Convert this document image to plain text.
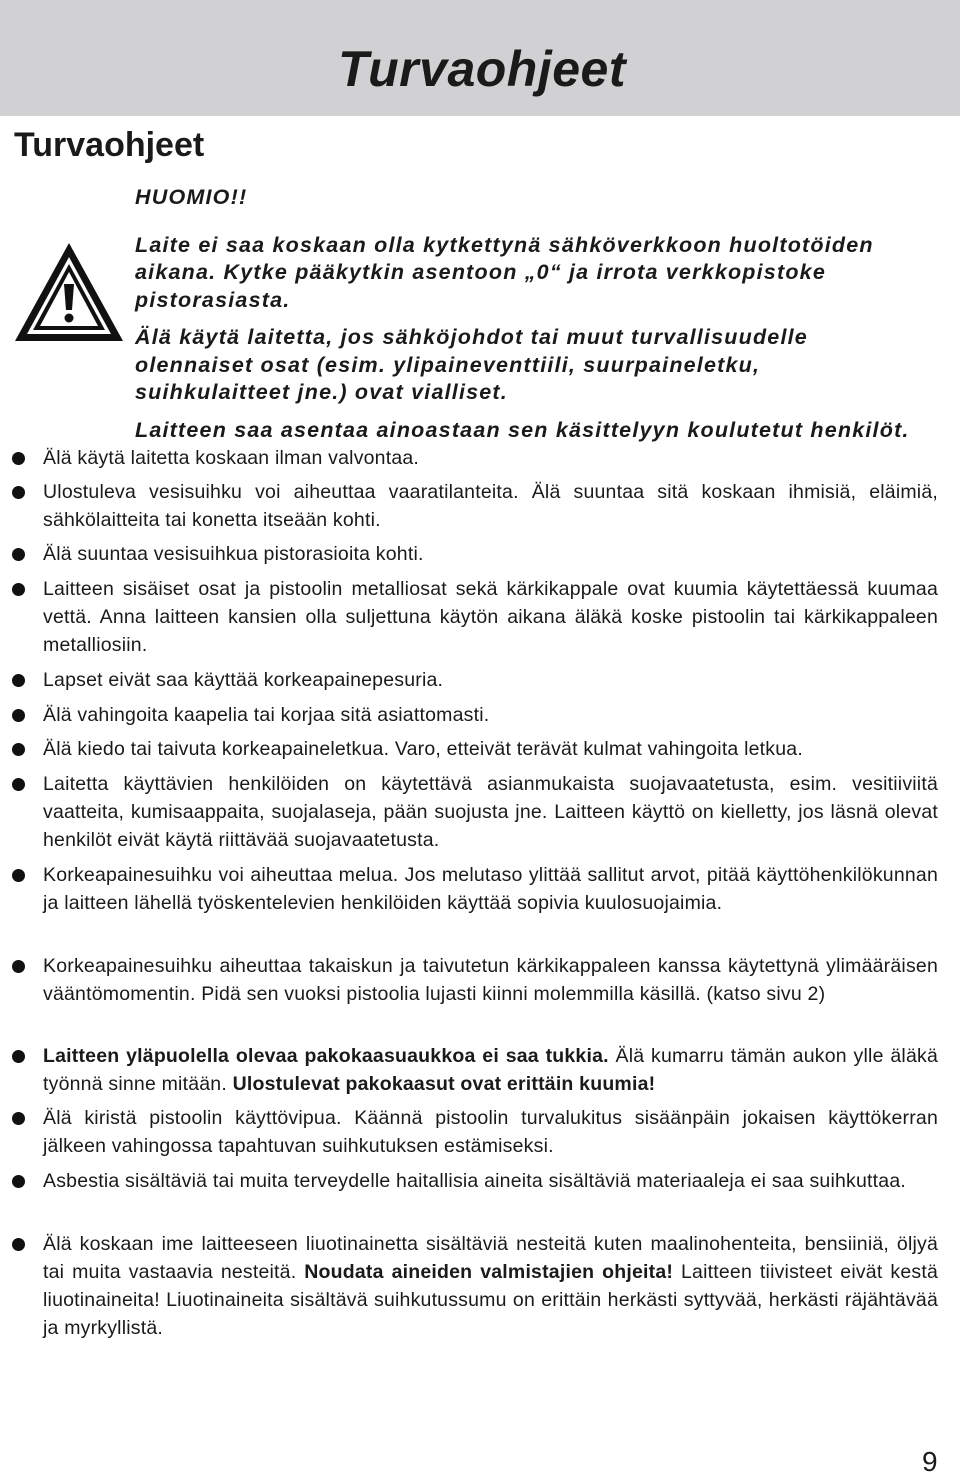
Turvaohjeet
Turvaohjeet

HUOMIO!!

Laite ei saa koskaan olla kytkettynä sähköverkkoon huoltotöiden

aikana. Kytke pääkytkin asentoon „0“ ja irrota verkkopistoke

pistorasiasta.

Älä käytä laitetta, jos sähköjohdot tai muut turvallisuudelle

olennaiset osat (esim. ylipaineventtiili, suurpaineletku,

suihkulaitteet jne.) ovat vialliset.

Laitteen saa asentaa ainoastaan sen käsittelyyn koulutetut henkilöt.

Älä käytä laitetta koskaan ilman valvontaa.
Ulostuleva vesisuihku voi aiheuttaa vaaratilanteita. Älä suuntaa sitä koskaan ihmisiä, eläimiä, sähkölaitteita tai konetta itseään kohti.
Älä suuntaa vesisuihkua pistorasioita kohti.
Laitteen sisäiset osat ja pistoolin metalliosat sekä kärkikappale ovat kuumia käytettäessä kuumaa vettä. Anna laitteen kansien olla suljettuna käytön aikana äläkä koske pistoolin tai kärkikappaleen metalliosiin.
Lapset eivät saa käyttää korkeapainepesuria.
Älä vahingoita kaapelia tai korjaa sitä asiattomasti.
Älä kiedo tai taivuta korkeapaineletkua. Varo, etteivät terävät kulmat vahingoita letkua.
Laitetta käyttävien henkilöiden on käytettävä asianmukaista suojavaatetusta, esim. vesitiiviitä vaatteita, kumisaappaita, suojalaseja, pään suojusta jne. Laitteen käyttö on kielletty, jos läsnä olevat henkilöt eivät käytä riittävää suojavaatetusta.
Korkeapainesuihku voi aiheuttaa melua. Jos melutaso ylittää sallitut arvot, pitää käyttöhenkilökunnan ja laitteen lähellä työskentelevien henkilöiden käyttää sopivia kuulosuojaimia.
Korkeapainesuihku aiheuttaa takaiskun ja taivutetun kärkikappaleen kanssa käytettynä ylimääräisen vääntömomentin. Pidä sen vuoksi pistoolia lujasti kiinni molemmilla käsillä. (katso sivu 2)
Laitteen yläpuolella olevaa pakokaasuaukkoa ei saa tukkia. Älä kumarru tämän aukon ylle äläkä työnnä sinne mitään. Ulostulevat pakokaasut ovat erittäin kuumia!
Älä kiristä pistoolin käyttövipua. Käännä pistoolin turvalukitus sisäänpäin jokaisen käyttökerran jälkeen vahingossa tapahtuvan suihkutuksen estämiseksi.
Asbestia sisältäviä tai muita terveydelle haitallisia aineita sisältäviä materiaaleja ei saa suihkuttaa.
Älä koskaan ime laitteeseen liuotinainetta sisältäviä nesteitä kuten maalinohenteita, bensiiniä, öljyä tai muita vastaavia nesteitä. Noudata aineiden valmistajien ohjeita! Laitteen tiivisteet eivät kestä liuotinaineita! Liuotinaineita sisältävä suihkutussumu on erittäin herkästi syttyvää, herkästi räjähtävää ja myrkyllistä.
9
